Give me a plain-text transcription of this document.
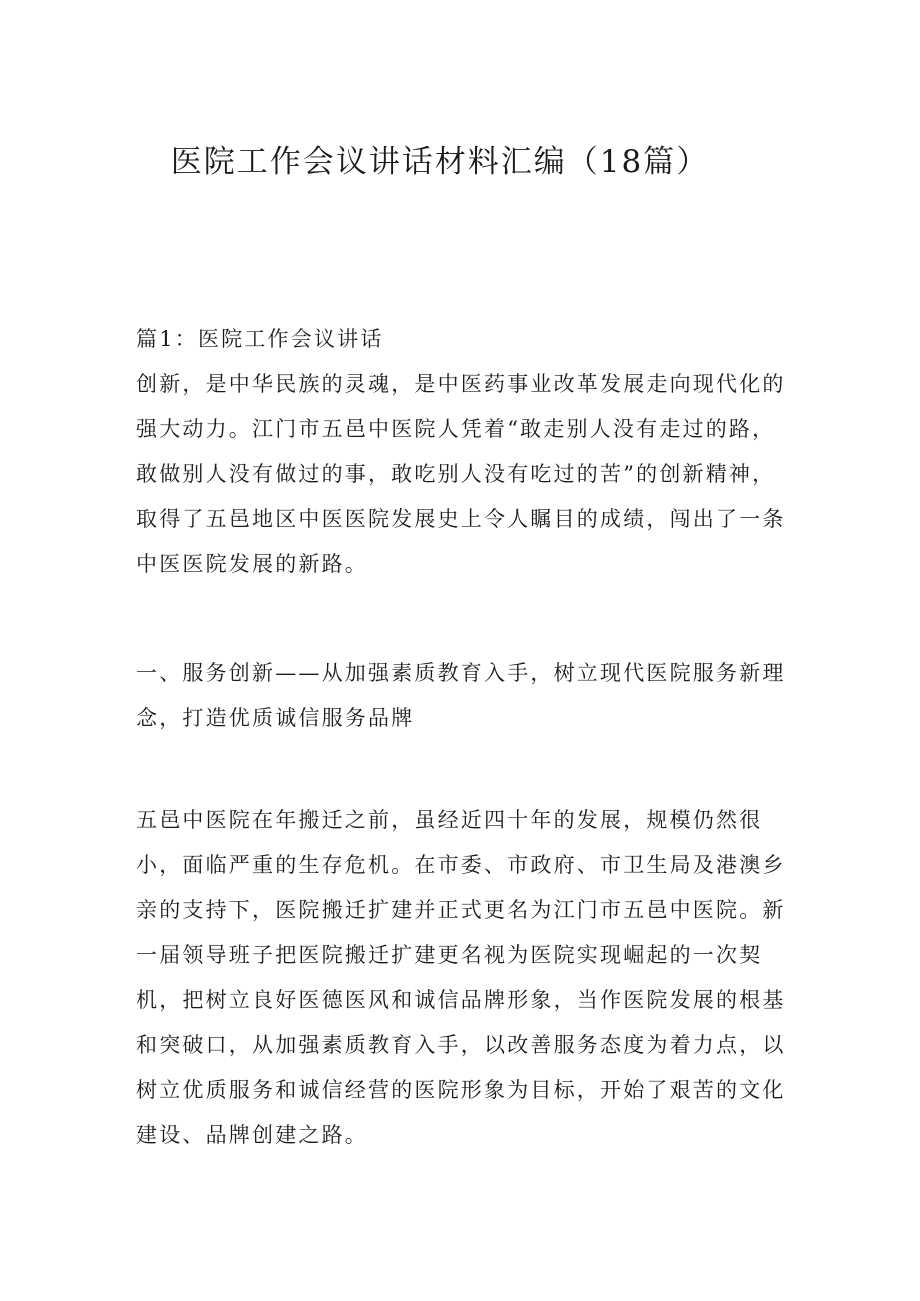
医院工作会议讲话材料汇编（18篇）

篇1：医院工作会议讲话

创新，是中华民族的灵魂，是中医药事业改革发展走向现代化的强大动力。江门市五邑中医院人凭着“敢走别人没有走过的路，敢做别人没有做过的事，敢吃别人没有吃过的苦”的创新精神，取得了五邑地区中医医院发展史上令人瞩目的成绩，闯出了一条中医医院发展的新路。

一、服务创新——从加强素质教育入手，树立现代医院服务新理念，打造优质诚信服务品牌

五邑中医院在年搬迁之前，虽经近四十年的发展，规模仍然很小，面临严重的生存危机。在市委、市政府、市卫生局及港澳乡亲的支持下，医院搬迁扩建并正式更名为江门市五邑中医院。新一届领导班子把医院搬迁扩建更名视为医院实现崛起的一次契机，把树立良好医德医风和诚信品牌形象，当作医院发展的根基和突破口，从加强素质教育入手，以改善服务态度为着力点，以树立优质服务和诚信经营的医院形象为目标，开始了艰苦的文化建设、品牌创建之路。
